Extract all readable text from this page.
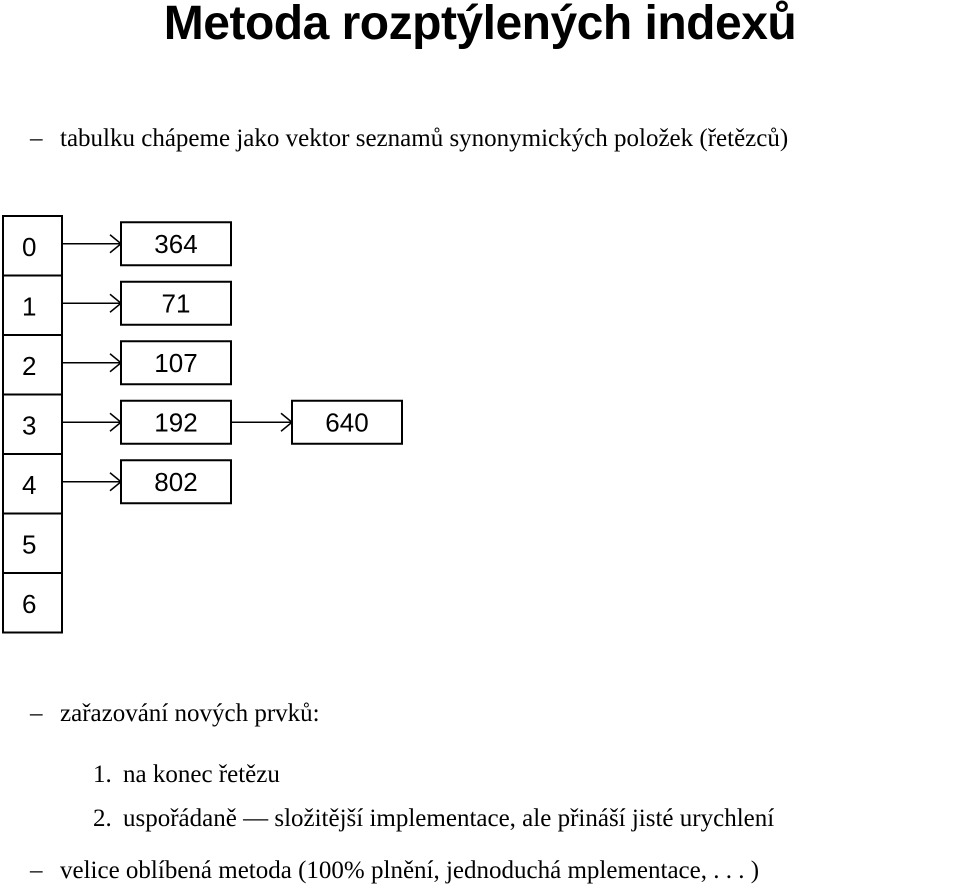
Metoda rozptýlených indexů
– tabulku chápeme jako vektor seznamů synonymických položek (řetězců)
0	364
1	71
2	107
3	192	640
4	802
5
6
– zařazování nových prvků:
1. na konec řetězu
2. uspořádaně — složitější implementace, ale přináší jisté urychlení
– velice oblíbená metoda (100% plnění, jednoduchá mplementace, . . . )
